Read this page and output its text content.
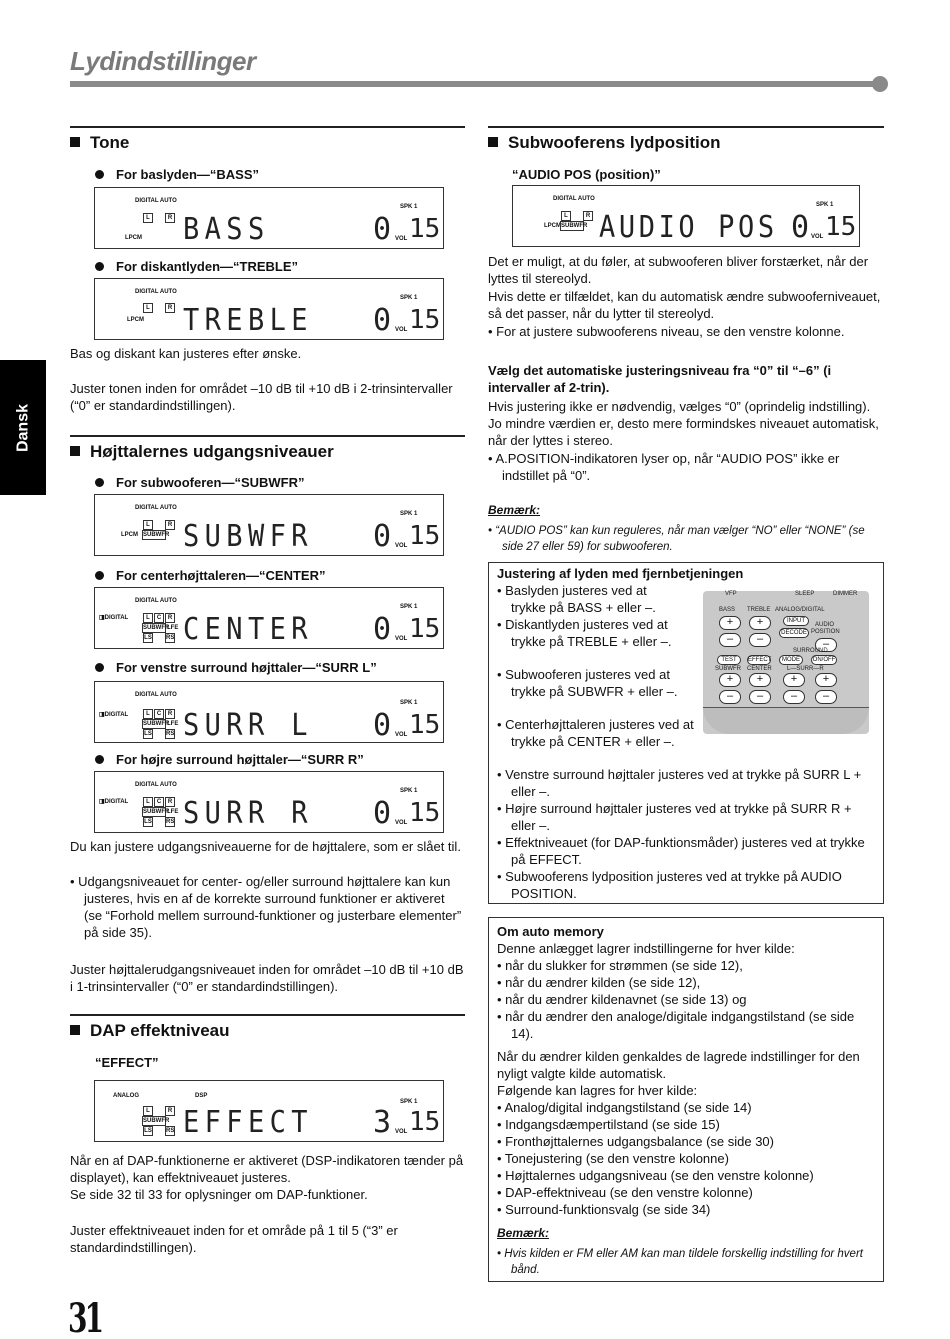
Lydindstillinger
Dansk
Tone
For baslyden—“BASS”
DIGITAL AUTO
L	R
LPCM
SPK 1
BASS	0 VOL 15
For diskantlyden—“TREBLE”
DIGITAL AUTO
L	R
LPCM
SPK 1
TREBLE 0 VOL 15
Bas og diskant kan justeres efter ønske.
Juster tonen inden for området –10 dB til +10 dB i 2-trinsintervaller (“0” er standardindstillingen).
Højttalernes udgangsniveauer
For subwooferen—“SUBWFR”
DIGITAL AUTO
L	R
LPCM SUBWFR
SPK 1
SUBWFR 0 VOL 15
For centerhøjttaleren—“CENTER”
DIGITAL AUTO
◨DIGITAL	L	C	R
SUBWFR
LFE
LS RS
SPK 1
CENTER 0 VOL 15
For venstre surround højttaler—“SURR L”
DIGITAL AUTO
◨DIGITAL	L	C	R
SUBWFR
LFE
LS RS
SPK 1
SURR L 0 VOL 15
For højre surround højttaler—“SURR R”
DIGITAL AUTO
◨DIGITAL	L	C	R
SUBWFR
LFE
LS RS
SPK 1
SURR R 0 VOL 15
Du kan justere udgangsniveauerne for de højttalere, som er slået til.
• Udgangsniveauet for center- og/eller surround højttalere kan kun justeres, hvis en af de korrekte surround funktioner er aktiveret (se “Forhold mellem surround-funktioner og justerbare elementer” på side 35).
Juster højttalerudgangsniveauet inden for området –10 dB til +10 dB i 1-trinsintervaller (“0” er standardindstillingen).
DAP effektniveau
“EFFECT”
ANALOG	DSP
L	R
SUBWFR
LS RS
SPK 1
EFFECT 3 VOL 15
Når en af DAP-funktionerne er aktiveret (DSP-indikatoren tænder på displayet), kan effektniveauet justeres.
Se side 32 til 33 for oplysninger om DAP-funktioner.
Juster effektniveauet inden for et område på 1 til 5 (“3” er standardindstillingen).
31
Subwooferens lydposition
“AUDIO POS (position)”
DIGITAL AUTO
L	R
LPCM SUBWFR
SPK 1
AUDIO POS 0 VOL 15
Det er muligt, at du føler, at subwooferen bliver forstærket, når der lyttes til stereolyd.
Hvis dette er tilfældet, kan du automatisk ændre subwooferniveauet, så det passer, når du lytter til stereolyd.
• For at justere subwooferens niveau, se den venstre kolonne.
Vælg det automatiske justeringsniveau fra “0” til “–6” (i intervaller af 2-trin).
Hvis justering ikke er nødvendig, vælges “0” (oprindelig indstilling). Jo mindre værdien er, desto mere formindskes niveauet automatisk, når der lyttes i stereo.
• A.POSITION-indikatoren lyser op, når “AUDIO POS” ikke er indstillet på “0”.
Bemærk:
• “AUDIO POS” kan kun reguleres, når man vælger “NO” eller “NONE” (se side 27 eller 59) for subwooferen.
Justering af lyden med fjernbetjeningen
• Baslyden justeres ved at trykke på BASS + eller –.
• Diskantlyden justeres ved at trykke på TREBLE + eller –.
• Subwooferen justeres ved at trykke på SUBWFR + eller –.
• Centerhøjttaleren justeres ved at trykke på CENTER + eller –.
• Venstre surround højttaler justeres ved at trykke på SURR L + eller –.
• Højre surround højttaler justeres ved at trykke på SURR R + eller –.
• Effektniveauet (for DAP-funktionsmåder) justeres ved at trykke på EFFECT.
• Subwooferens lydposition justeres ved at trykke på AUDIO POSITION.
VFP	SLEEP	DIMMER
BASS TREBLE ANALOG/DIGITAL
+	+	INPUT
AUDIO
POSITION
DECODE
–	–	–
SURROUND
TEST	EFFECT	MODE	ON/OFF
SUBWFR CENTER	L—SURR—R
+	+	+	+
–	–	–	–
Om auto memory
Denne anlægget lagrer indstillingerne for hver kilde:
• når du slukker for strømmen (se side 12),
• når du ændrer kilden (se side 12),
• når du ændrer kildenavnet (se side 13) og
• når du ændrer den analoge/digitale indgangstilstand (se side 14).
Når du ændrer kilden genkaldes de lagrede indstillinger for den nyligt valgte kilde automatisk.
Følgende kan lagres for hver kilde:
• Analog/digital indgangstilstand (se side 14)
• Indgangsdæmpertilstand (se side 15)
• Fronthøjttalernes udgangsbalance (se side 30)
• Tonejustering (se den venstre kolonne)
• Højttalernes udgangsniveau (se den venstre kolonne)
• DAP-effektniveau (se den venstre kolonne)
• Surround-funktionsvalg (se side 34)
Bemærk:
• Hvis kilden er FM eller AM kan man tildele forskellig indstilling for hvert bånd.
